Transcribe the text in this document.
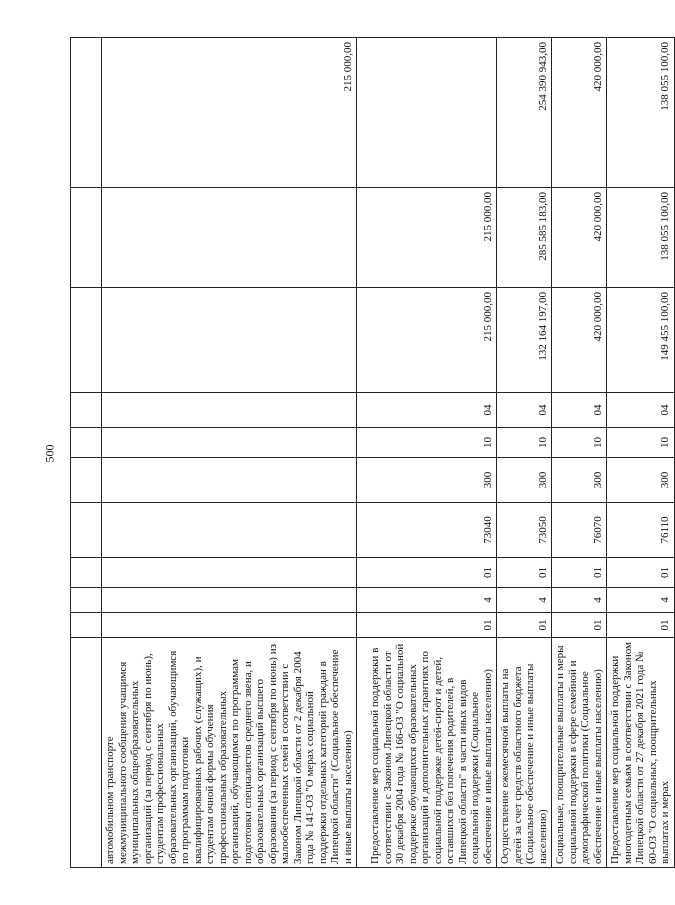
500

автомобильном транспорте межмуниципального сообщения учащимся муниципальных общеобразовательных организаций (за период с сентября по июнь), студентам профессиональных образовательных организаций, обучающимся по программам подготовки квалифицированных рабочих (служащих), и студентам очной формы обучения профессиональных образовательных организаций, обучающимся по программам подготовки специалистов среднего звена, и образовательных организаций высшего образования (за период с сентября по июнь) из малообеспеченных семей в соответствии с Законом Липецкой области от 2 декабря 2004 года № 141-ОЗ "О мерах социальной поддержки отдельных категорий граждан в Липецкой области" (Социальное обеспечение и иные выплаты населению)										215 000,00
Предоставление мер социальной поддержки в соответствии с Законом Липецкой области от 30 декабря 2004 года № 166-ОЗ "О социальной поддержке обучающихся образовательных организаций и дополнительных гарантиях по социальной поддержке детей-сирот и детей, оставшихся без попечения родителей, в Липецкой области" в части иных видов социальной поддержки (Социальное обеспечение и иные выплаты населению)	01	4	01	73040	300	10	04	215 000,00	215 000,00	
Осуществление ежемесячной выплаты на детей за счет средств областного бюджета (Социальное обеспечение и иные выплаты населению)	01	4	01	73050	300	10	04	132 164 197,00	285 585 183,00	254 390 943,00
Социальные, поощрительные выплаты и меры социальной поддержки в сфере семейной и демографической политики (Социальное обеспечение и иные выплаты населению)	01	4	01	76070	300	10	04	420 000,00	420 000,00	420 000,00
Предоставление мер социальной поддержки многодетным семьям в соответствии с Законом Липецкой области от 27 декабря 2021 года № 60-ОЗ "О социальных, поощрительных выплатах и мерах	01	4	01	76110	300	10	04	149 455 100,00	138 055 100,00	138 055 100,00
